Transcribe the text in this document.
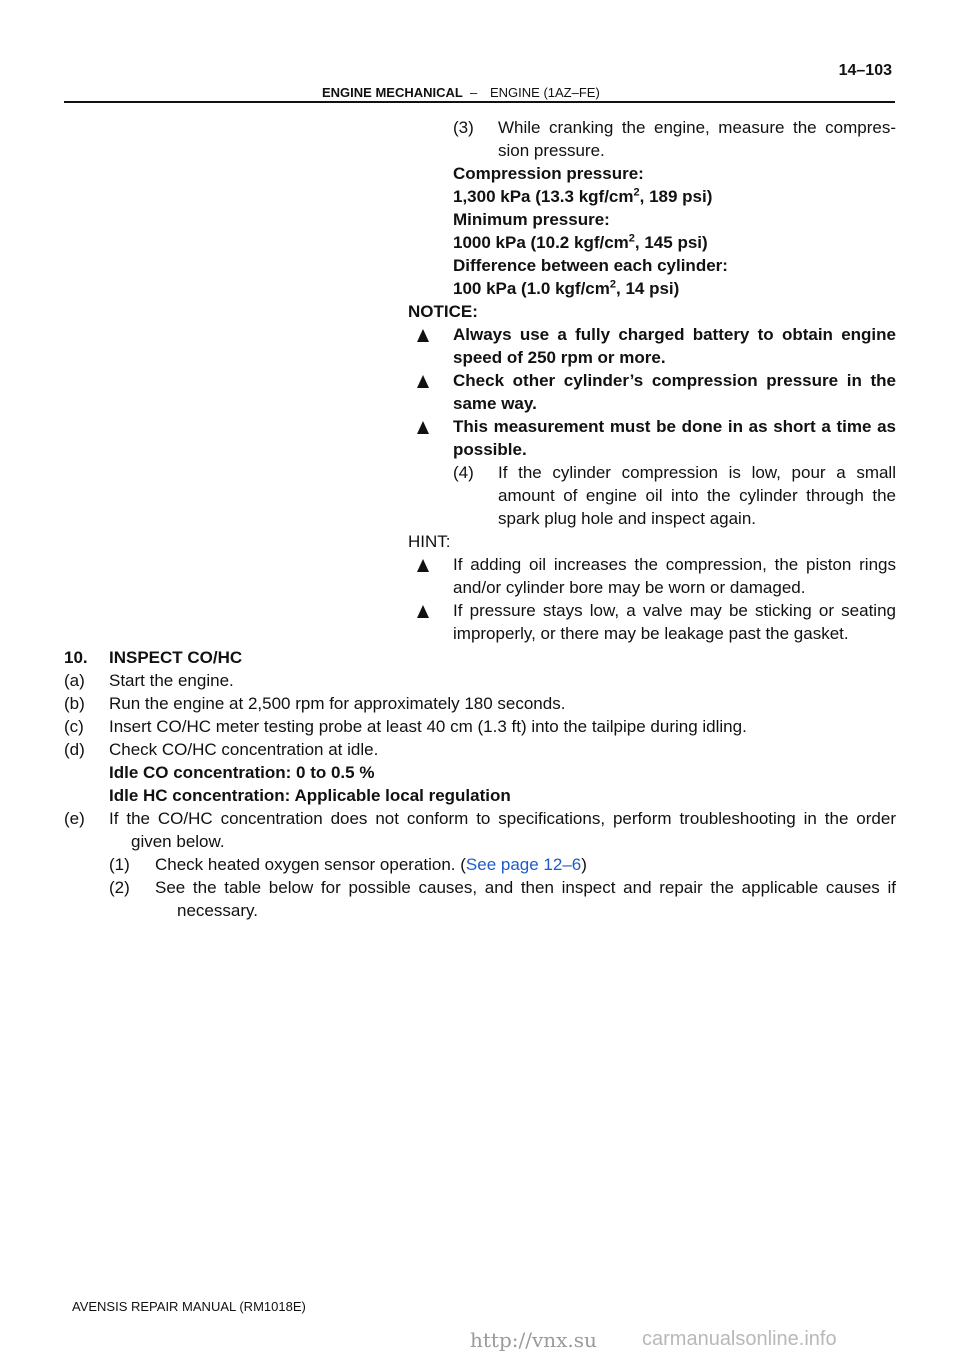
ENGINE MECHANICAL – ENGINE (1AZ–FE)
14–103
(3) While cranking the engine, measure the compres-
sion pressure.
Compression pressure:
1,300 kPa (13.3 kgf/$cm^2$, 189 psi)
Minimum pressure:
1000 kPa (10.2 kgf/$cm^2$, 145 psi)
Difference between each cylinder:
100 kPa (1.0 kgf/$cm^2$, 14 psi)
NOTICE:
Always use a fully charged battery to obtain engine
speed of 250 rpm or more.
Check other cylinder’s compression pressure in the
same way.
This measurement must be done in as short a time as
possible.
(4) If the cylinder compression is low, pour a small
amount of engine oil into the cylinder through the
spark plug hole and inspect again.
HINT:
If adding oil increases the compression, the piston rings
and/or cylinder bore may be worn or damaged.
If pressure stays low, a valve may be sticking or seating
improperly, or there may be leakage past the gasket.
10. INSPECT CO/HC
(a) Start the engine.
(b) Run the engine at 2,500 rpm for approximately 180 seconds.
(c) Insert CO/HC meter testing probe at least 40 cm (1.3 ft) into the tailpipe during idling.
(d) Check CO/HC concentration at idle.
Idle CO concentration: 0 to 0.5 %
Idle HC concentration: Applicable local regulation
(e) If the CO/HC concentration does not conform to specifications, perform troubleshooting in the order
given below.
(1) Check heated oxygen sensor operation. (See page 12–6)
(2) See the table below for possible causes, and then inspect and repair the applicable causes if
necessary.
AVENSIS REPAIR MANUAL (RM1018E)
http://vnx.su carmanualsonline.info
